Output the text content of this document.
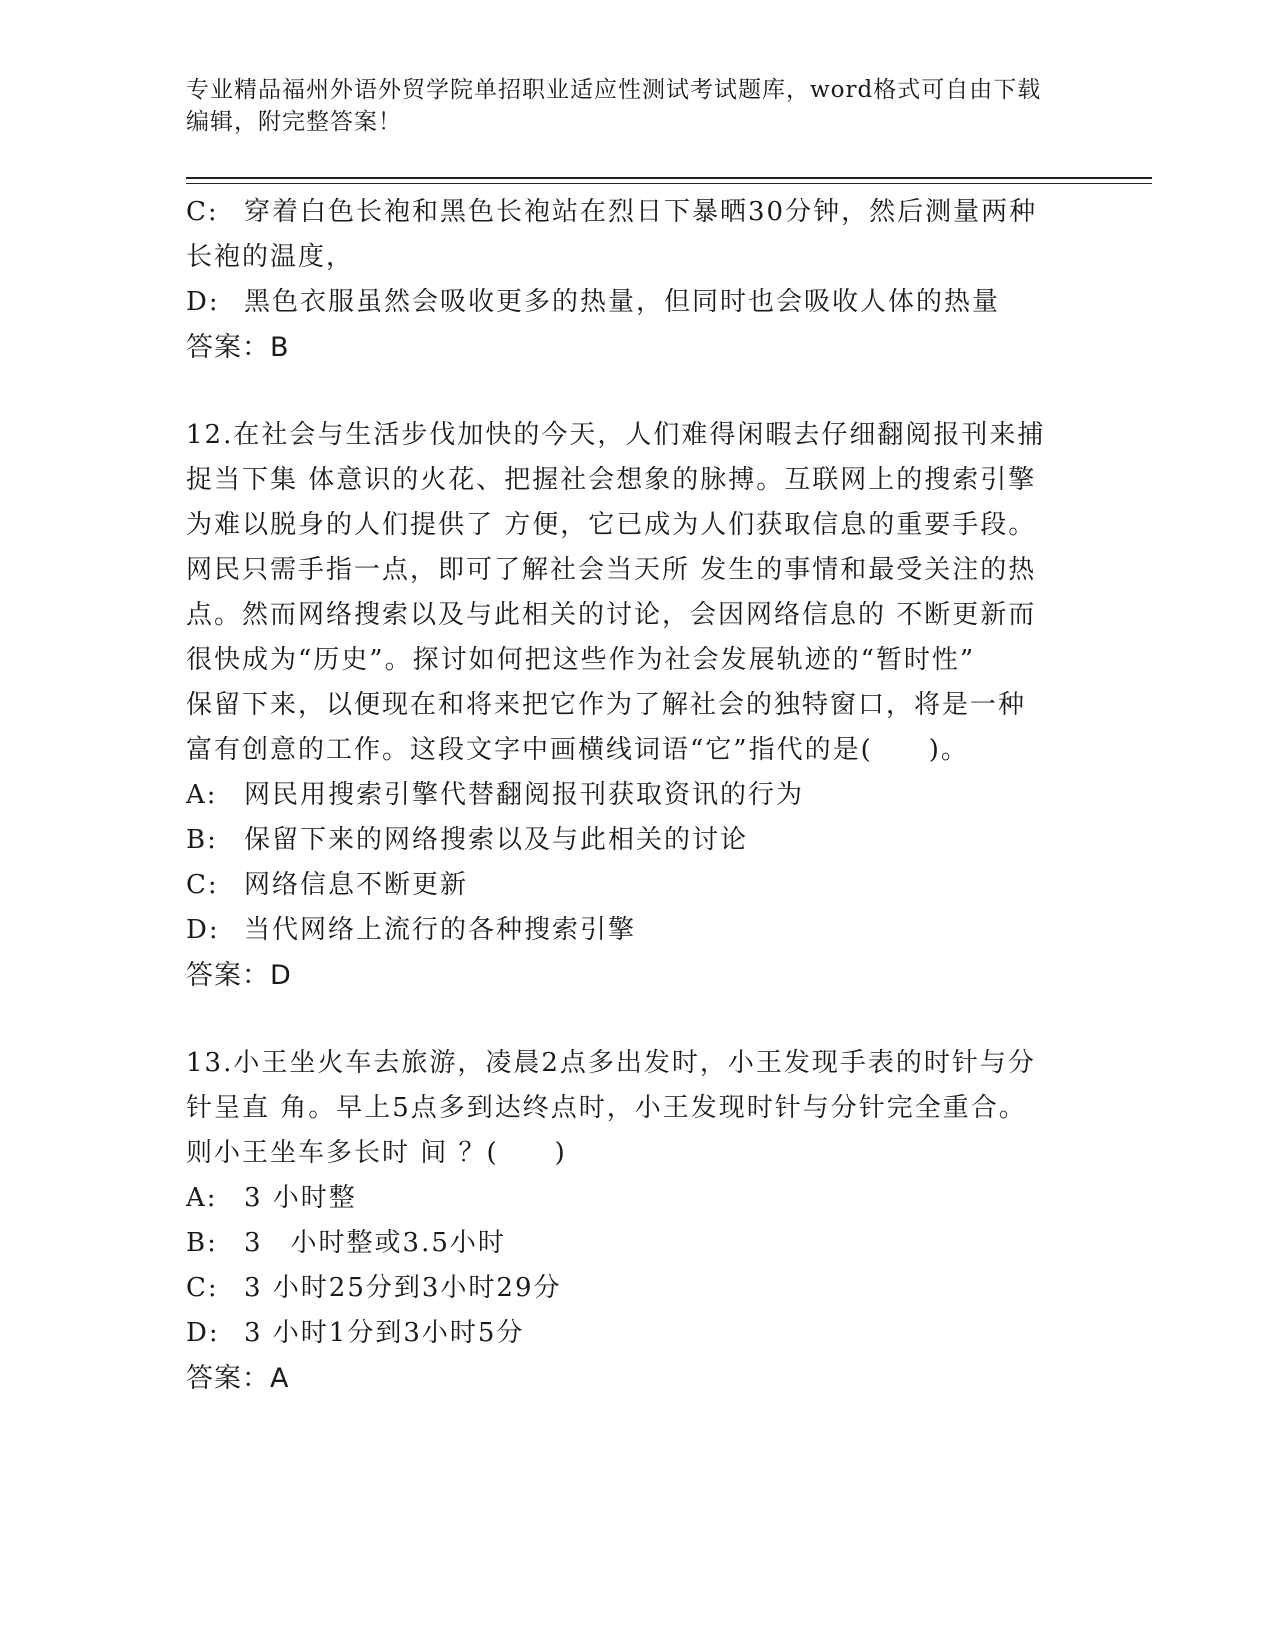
专业精品福州外语外贸学院单招职业适应性测试考试题库，word格式可自由下载
编辑，附完整答案！
C: 穿着白色长袍和黑色长袍站在烈日下暴晒30分钟，然后测量两种
长袍的温度，
D: 黑色衣服虽然会吸收更多的热量，但同时也会吸收人体的热量
答案：B
12.在社会与生活步伐加快的今天，人们难得闲暇去仔细翻阅报刊来捕
捉当下集 体意识的火花、把握社会想象的脉搏。互联网上的搜索引擎
为难以脱身的人们提供了 方便，它已成为人们获取信息的重要手段。
网民只需手指一点，即可了解社会当天所 发生的事情和最受关注的热
点。然而网络搜索以及与此相关的讨论，会因网络信息的 不断更新而
很快成为“历史”。探讨如何把这些作为社会发展轨迹的“暂时性”
保留下来，以便现在和将来把它作为了解社会的独特窗口，将是一种
富有创意的工作。这段文字中画横线词语“它”指代的是(　　)。
A:	网民用搜索引擎代替翻阅报刊获取资讯的行为
B:	保留下来的网络搜索以及与此相关的讨论
C: 网络信息不断更新
D: 当代网络上流行的各种搜索引擎
答案：D
13.小王坐火车去旅游，凌晨2点多出发时，小王发现手表的时针与分
针呈直 角。早上5点多到达终点时，小王发现时针与分针完全重合。
则小王坐车多长时 间 ？(　　)
A:	3 小时整
B:	3　小时整或3.5小时
C: 3 小时25分到3小时29分
D: 3 小时1分到3小时5分
答案：A
